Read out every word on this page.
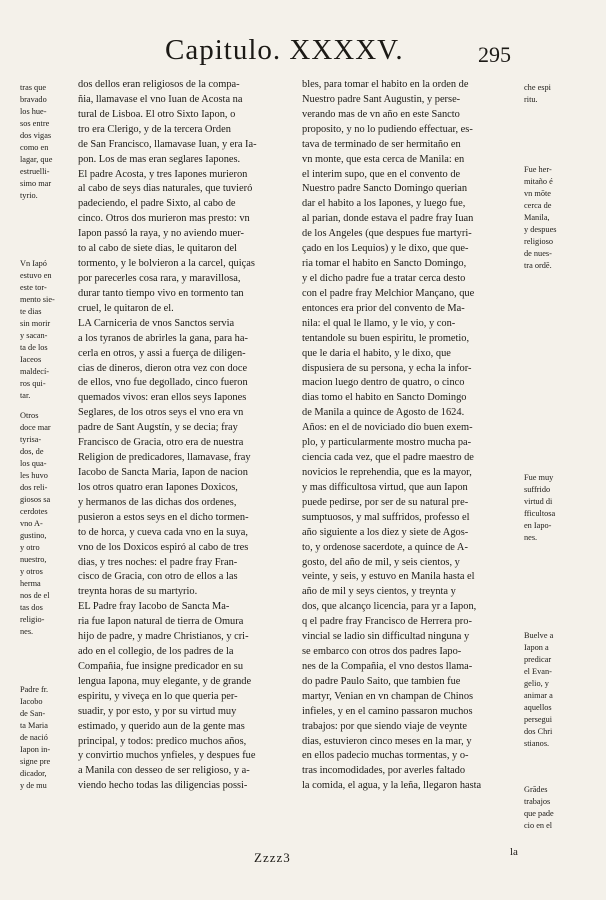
Capitulo. XXXXV.	295

dos dellos eran religiosos de la compa-

ñia, llamavase el vno Iuan de Acosta na

tural de Lisboa. El otro Sixto Iapon, o

tro era Clerigo, y de la tercera Orden

de San Francisco, llamavase Iuan, y era Ia-

pon. Los de mas eran seglares Iapones.

El padre Acosta, y tres Iapones murieron

al cabo de seys dias naturales, que tuvieró

padeciendo, el padre Sixto, al cabo de

cinco. Otros dos murieron mas presto: vn

Iapon passó la raya, y no aviendo muer-

to al cabo de siete dias, le quitaron del

tormento, y le bolvieron a la carcel, quiças

por parecerles cosa rara, y maravillosa,

durar tanto tiempo vivo en tormento tan

cruel, le quitaron de el.

LA Carniceria de vnos Sanctos servia

a los tyranos de abrirles la gana, para ha-

cerla en otros, y assi a fuerça de diligen-

cias de dineros, dieron otra vez con doce

de ellos, vno fue degollado, cinco fueron

quemados vivos: eran ellos seys Iapones

Seglares, de los otros seys el vno era vn

padre de Sant Augstín, y se decia; fray

Francisco de Gracia, otro era de nuestra

Religion de predicadores, llamavase, fray

Iacobo de Sancta Maria, Iapon de nacion

los otros quatro eran Iapones Doxicos,

y hermanos de las dichas dos ordenes,

pusieron a estos seys en el dicho tormen-

to de horca, y cueva cada vno en la suya,

vno de los Doxicos espiró al cabo de tres

dias, y tres noches: el padre fray Fran-

cisco de Gracia, con otro de ellos a las

treynta horas de su martyrio.

EL Padre fray Iacobo de Sancta Ma-

ria fue Iapon natural de tierra de Omura

hijo de padre, y madre Christianos, y cri-

ado en el collegio, de los padres de la

Compañia, fue insigne predicador en su

lengua Iapona, muy elegante, y de grande

espiritu, y viveça en lo que queria per-

suadir, y por esto, y por su virtud muy

estimado, y querido aun de la gente mas

principal, y todos: predico muchos años,

y convirtio muchos ynfieles, y despues fue

a Manila con desseo de ser religioso, y a-

viendo hecho todas las diligencias possi-

bles, para tomar el habito en la orden de

Nuestro padre Sant Augustin, y perse-

verando mas de vn año en este Sancto

proposito, y no lo pudiendo effectuar, es-

tava de terminado de ser hermitaño en

vn monte, que esta cerca de Manila: en

el interim supo, que en el convento de

Nuestro padre Sancto Domingo querian

dar el habito a los Iapones, y luego fue,

al parian, donde estava el padre fray Iuan

de los Angeles (que despues fue martyri-

çado en los Lequios) y le dixo, que que-

ria tomar el habito en Sancto Domingo,

y el dicho padre fue a tratar cerca desto

con el padre fray Melchior Mançano, que

entonces era prior del convento de Ma-

nila: el qual le llamo, y le vio, y con-

tentandole su buen espiritu, le prometio,

que le daria el habito, y le dixo, que

dispusiera de su persona, y echa la infor-

macion luego dentro de quatro, o cinco

dias tomo el habito en Sancto Domingo

de Manila a quince de Agosto de 1624.

Años: en el de noviciado dio buen exem-

plo, y particularmente mostro mucha pa-

ciencia cada vez, que el padre maestro de

novicios le reprehendia, que es la mayor,

y mas difficultosa virtud, que aun Iapon

puede pedirse, por ser de su natural pre-

sumptuosos, y mal suffridos, professo el

año siguiente a los diez y siete de Agos-

to, y ordenose sacerdote, a quince de A-

gosto, del año de mil, y seis cientos, y

veinte, y seis, y estuvo en Manila hasta el

año de mil y seys cientos, y treynta y

dos, que alcanço licencia, para yr a Iapon,

q el padre fray Francisco de Herrera pro-

vincial se ladio sin difficultad ninguna y

se embarco con otros dos padres Iapo-

nes de la Compañia, el vno destos llama-

do padre Paulo Saito, que tambien fue

martyr, Venian en vn champan de Chinos

infieles, y en el camino passaron muchos

trabajos: por que siendo viaje de veynte

dias, estuvieron cinco meses en la mar, y

en ellos padecio muchas tormentas, y o-

tras incomodidades, por averles faltado

la comida, el agua, y la leña, llegaron hasta

tras que

bravado

los hue-

sos entre

dos vigas

como en

lagar, que

estruelli-

simo mar

tyrio.

Vn Iapó

estuvo en

este tor-

mento sie-

te dias

sin morir

y sacan-

ta de los

Iaceos

maldecí-

ros qui-

tar.

Otros

doce mar

tyrisa-

dos, de

los qua-

les huvo

dos reli-

giosos sa

cerdotes

vno A-

gustino,

y otro

nuestro,

y otros

herma

nos de el

tas dos

religio-

nes.

Padre fr.

Iacobo

de San-

ta Maria

de nació

Iapon in-

signe pre

dicador,

y de mu

che espi

ritu.

Fue her-

mitaño é

vn mōte

cerca de

Manila,

y despues

religioso

de nues-

tra ordē.

Fue muy

suffrido

virtud di

fficultosa

en Iapo-

nes.

Buelve a

Iapon a

predicar

el Evan-

gelio, y

animar a

aquellos

persegui

dos Chri

stianos.

Grādes

trabajos

que pade

cio en el

Zzzz3	la
